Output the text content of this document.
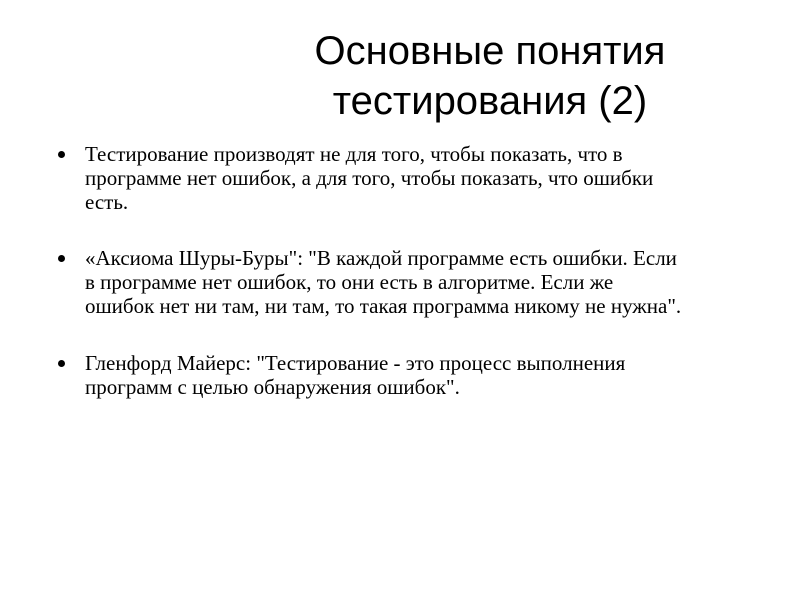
Основные понятия
тестирования (2)
Тестирование производят не для того, чтобы показать, что в
программе нет ошибок, а для того, чтобы показать, что ошибки
есть.
«Аксиома Шуры-Буры": "В каждой программе есть ошибки. Если
в программе нет ошибок, то они есть в алгоритме. Если же
ошибок нет ни там, ни там, то такая программа никому не нужна".
Гленфорд Майерс: "Тестирование - это процесс выполнения
программ с целью обнаружения ошибок".
